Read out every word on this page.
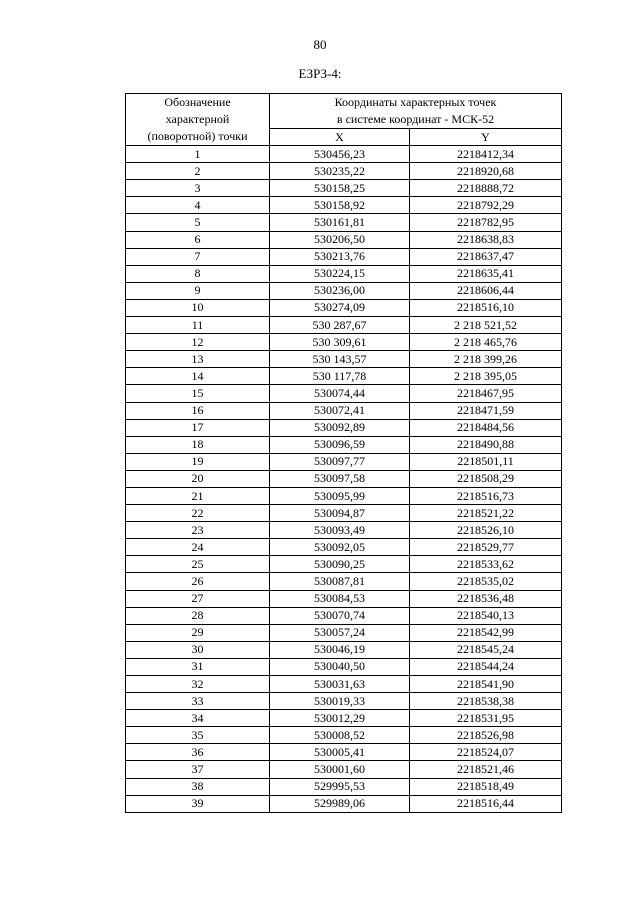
80
ЕЗРЗ-4:
Обозначение
характерной
(поворотной) точки	Координаты характерных точек
в системе координат - МСК-52	
	X	Y
1	530456,23	2218412,34
2	530235,22	2218920,68
3	530158,25	2218888,72
4	530158,92	2218792,29
5	530161,81	2218782,95
6	530206,50	2218638,83
7	530213,76	2218637,47
8	530224,15	2218635,41
9	530236,00	2218606,44
10	530274,09	2218516,10
11	530 287,67	2 218 521,52
12	530 309,61	2 218 465,76
13	530 143,57	2 218 399,26
14	530 117,78	2 218 395,05
15	530074,44	2218467,95
16	530072,41	2218471,59
17	530092,89	2218484,56
18	530096,59	2218490,88
19	530097,77	2218501,11
20	530097,58	2218508,29
21	530095,99	2218516,73
22	530094,87	2218521,22
23	530093,49	2218526,10
24	530092,05	2218529,77
25	530090,25	2218533,62
26	530087,81	2218535,02
27	530084,53	2218536,48
28	530070,74	2218540,13
29	530057,24	2218542,99
30	530046,19	2218545,24
31	530040,50	2218544,24
32	530031,63	2218541,90
33	530019,33	2218538,38
34	530012,29	2218531,95
35	530008,52	2218526,98
36	530005,41	2218524,07
37	530001,60	2218521,46
38	529995,53	2218518,49
39	529989,06	2218516,44
